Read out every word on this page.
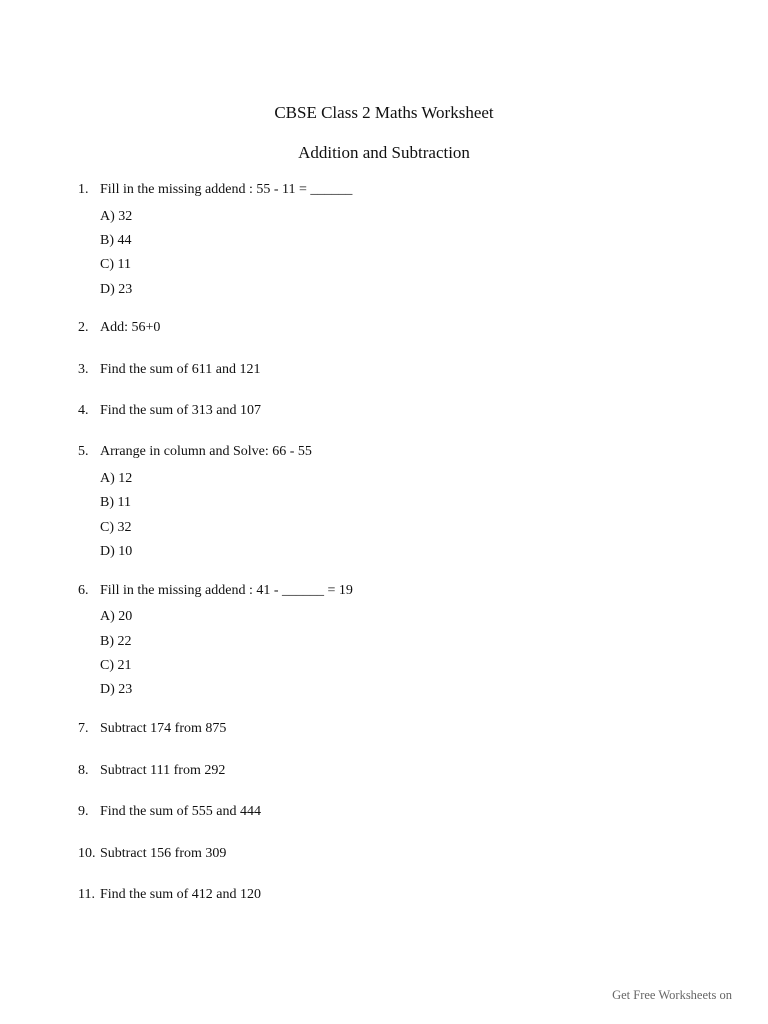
CBSE Class 2 Maths Worksheet
Addition and Subtraction
1. Fill in the missing addend : 55 - 11 = ______
A) 32
B) 44
C) 11
D) 23
2. Add: 56+0
3. Find the sum of 611 and 121
4. Find the sum of 313 and 107
5. Arrange in column and Solve: 66 - 55
A) 12
B) 11
C) 32
D) 10
6. Fill in the missing addend : 41 - ______ = 19
A) 20
B) 22
C) 21
D) 23
7. Subtract 174 from 875
8. Subtract 111 from 292
9. Find the sum of 555 and 444
10. Subtract 156 from 309
11. Find the sum of 412 and 120
Get Free Worksheets on
